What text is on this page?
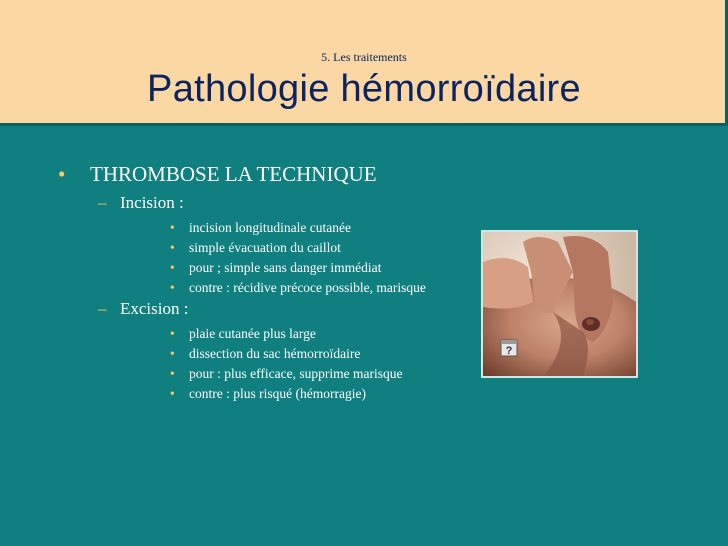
5. Les traitements
Pathologie hémorroïdaire
• THROMBOSE LA TECHNIQUE
– Incision :
• incision longitudinale cutanée
• simple évacuation du caillot
• pour ; simple sans danger immédiat
• contre : récidive précoce possible, marisque
– Excision :
• plaie cutanée plus large
• dissection du sac hémorroïdaire
• pour : plus efficace, supprime marisque
• contre : plus risqué (hémorragie)
?
